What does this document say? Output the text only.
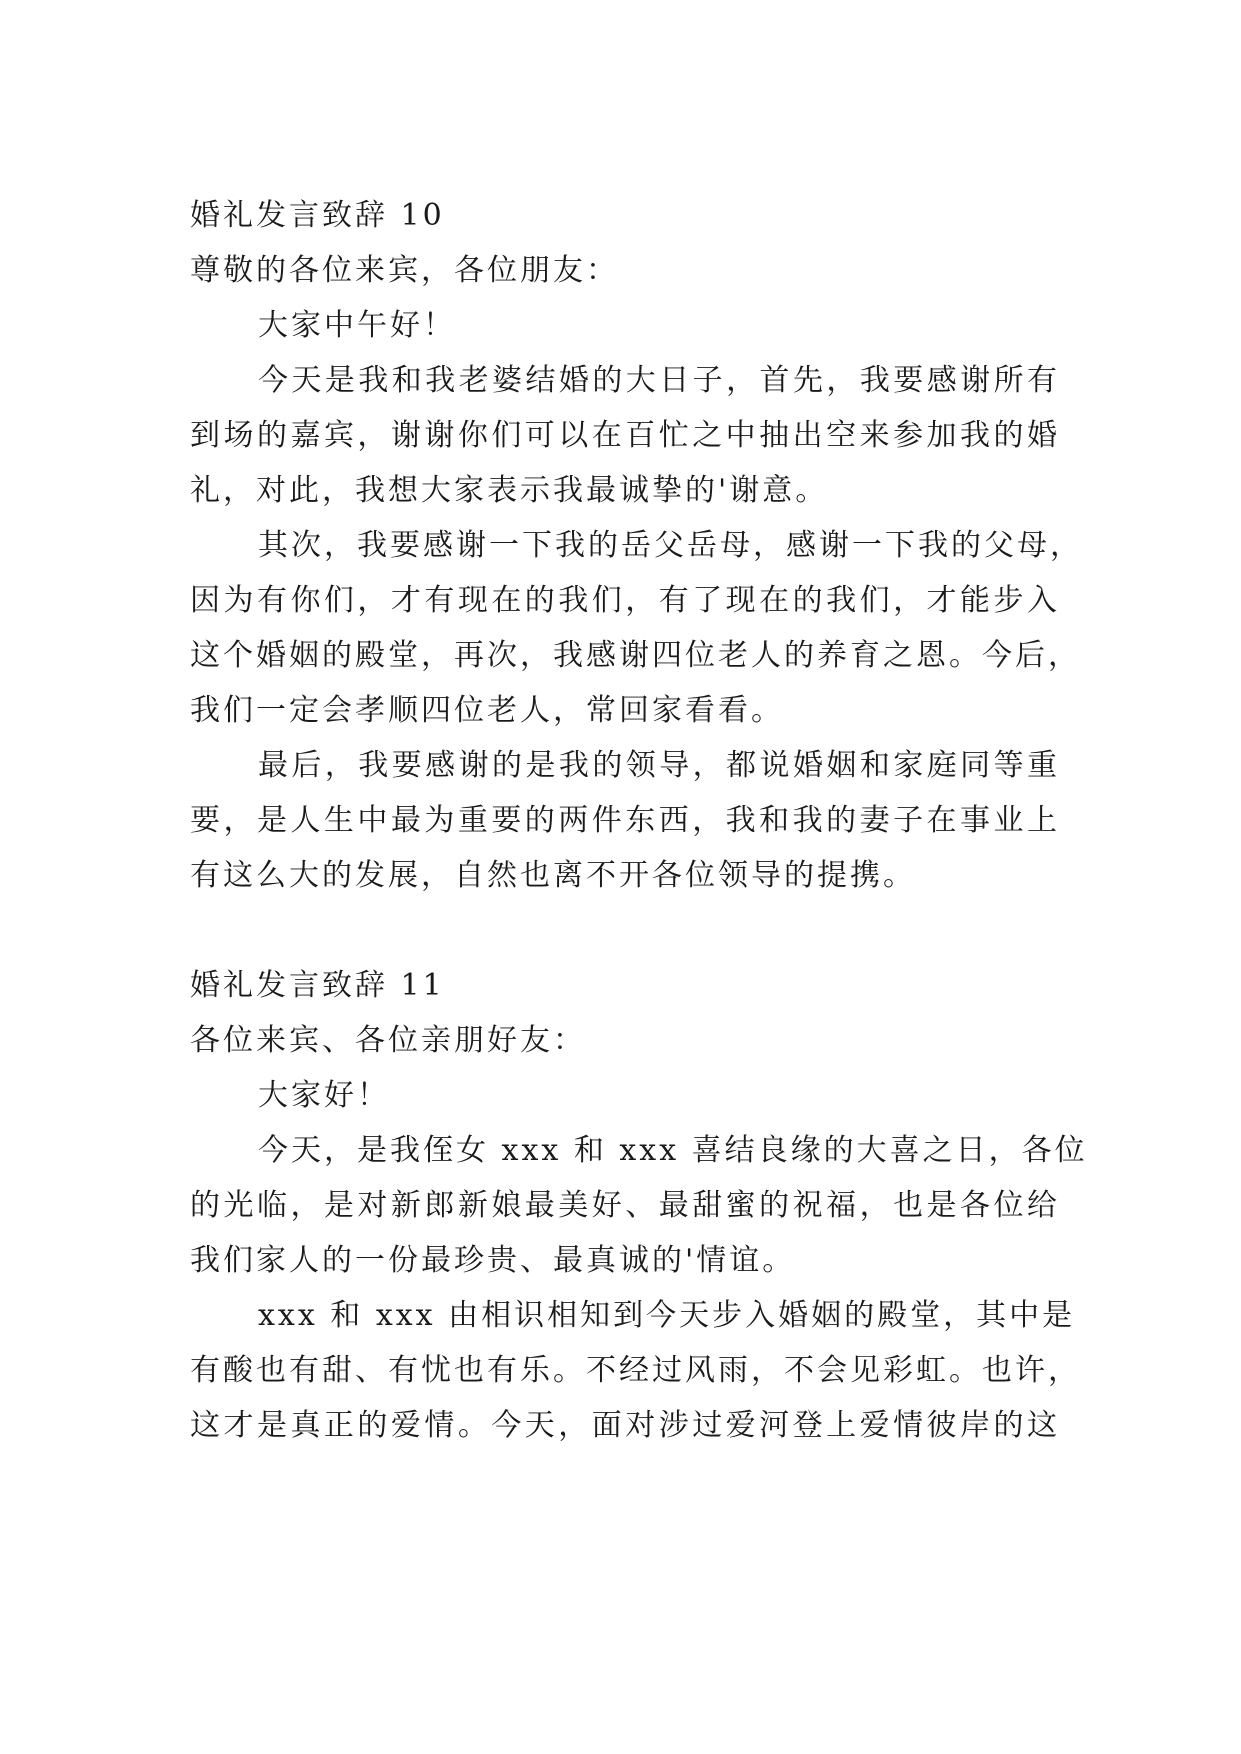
婚礼发言致辞 10
尊敬的各位来宾，各位朋友：
大家中午好！
今天是我和我老婆结婚的大日子，首先，我要感谢所有
到场的嘉宾，谢谢你们可以在百忙之中抽出空来参加我的婚
礼，对此，我想大家表示我最诚挚的'谢意。
其次，我要感谢一下我的岳父岳母，感谢一下我的父母，
因为有你们，才有现在的我们，有了现在的我们，才能步入
这个婚姻的殿堂，再次，我感谢四位老人的养育之恩。今后，
我们一定会孝顺四位老人，常回家看看。
最后，我要感谢的是我的领导，都说婚姻和家庭同等重
要，是人生中最为重要的两件东西，我和我的妻子在事业上
有这么大的发展，自然也离不开各位领导的提携。
婚礼发言致辞 11
各位来宾、各位亲朋好友：
大家好！
今天，是我侄女 xxx 和 xxx 喜结良缘的大喜之日，各位
的光临，是对新郎新娘最美好、最甜蜜的祝福，也是各位给
我们家人的一份最珍贵、最真诚的'情谊。
xxx 和 xxx 由相识相知到今天步入婚姻的殿堂，其中是
有酸也有甜、有忧也有乐。不经过风雨，不会见彩虹。也许，
这才是真正的爱情。今天，面对涉过爱河登上爱情彼岸的这
